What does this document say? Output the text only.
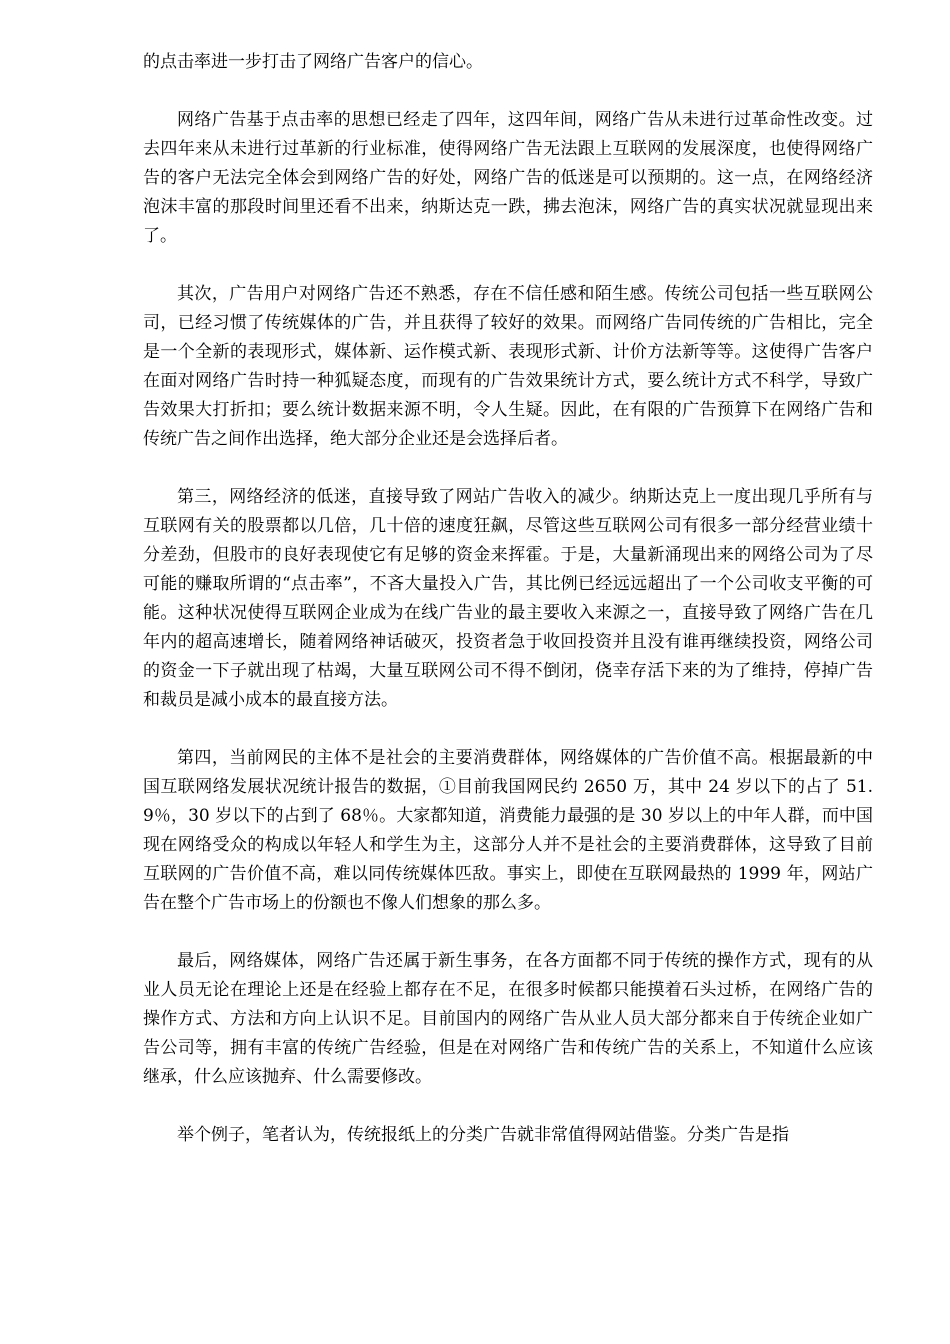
的点击率进一步打击了网络广告客户的信心。

网络广告基于点击率的思想已经走了四年，这四年间，网络广告从未进行过革命性改变。过去四年来从未进行过革新的行业标准，使得网络广告无法跟上互联网的发展深度，也使得网络广告的客户无法完全体会到网络广告的好处，网络广告的低迷是可以预期的。这一点，在网络经济泡沫丰富的那段时间里还看不出来，纳斯达克一跌，拂去泡沫，网络广告的真实状况就显现出来了。

其次，广告用户对网络广告还不熟悉，存在不信任感和陌生感。传统公司包括一些互联网公司，已经习惯了传统媒体的广告，并且获得了较好的效果。而网络广告同传统的广告相比，完全是一个全新的表现形式，媒体新、运作模式新、表现形式新、计价方法新等等。这使得广告客户在面对网络广告时持一种狐疑态度，而现有的广告效果统计方式，要么统计方式不科学，导致广告效果大打折扣；要么统计数据来源不明，令人生疑。因此，在有限的广告预算下在网络广告和传统广告之间作出选择，绝大部分企业还是会选择后者。

第三，网络经济的低迷，直接导致了网站广告收入的减少。纳斯达克上一度出现几乎所有与互联网有关的股票都以几倍，几十倍的速度狂飙，尽管这些互联网公司有很多一部分经营业绩十分差劲，但股市的良好表现使它有足够的资金来挥霍。于是，大量新涌现出来的网络公司为了尽可能的赚取所谓的“点击率”，不吝大量投入广告，其比例已经远远超出了一个公司收支平衡的可能。这种状况使得互联网企业成为在线广告业的最主要收入来源之一，直接导致了网络广告在几年内的超高速增长，随着网络神话破灭，投资者急于收回投资并且没有谁再继续投资，网络公司的资金一下子就出现了枯竭，大量互联网公司不得不倒闭，侥幸存活下来的为了维持，停掉广告和裁员是减小成本的最直接方法。

第四，当前网民的主体不是社会的主要消费群体，网络媒体的广告价值不高。根据最新的中国互联网络发展状况统计报告的数据，①目前我国网民约 2650 万，其中 24 岁以下的占了 51.9％，30 岁以下的占到了 68％。大家都知道，消费能力最强的是 30 岁以上的中年人群，而中国现在网络受众的构成以年轻人和学生为主，这部分人并不是社会的主要消费群体，这导致了目前互联网的广告价值不高，难以同传统媒体匹敌。事实上，即使在互联网最热的 1999 年，网站广告在整个广告市场上的份额也不像人们想象的那么多。

最后，网络媒体，网络广告还属于新生事务，在各方面都不同于传统的操作方式，现有的从业人员无论在理论上还是在经验上都存在不足，在很多时候都只能摸着石头过桥，在网络广告的操作方式、方法和方向上认识不足。目前国内的网络广告从业人员大部分都来自于传统企业如广告公司等，拥有丰富的传统广告经验，但是在对网络广告和传统广告的关系上，不知道什么应该继承，什么应该抛弃、什么需要修改。

举个例子，笔者认为，传统报纸上的分类广告就非常值得网站借鉴。分类广告是指
